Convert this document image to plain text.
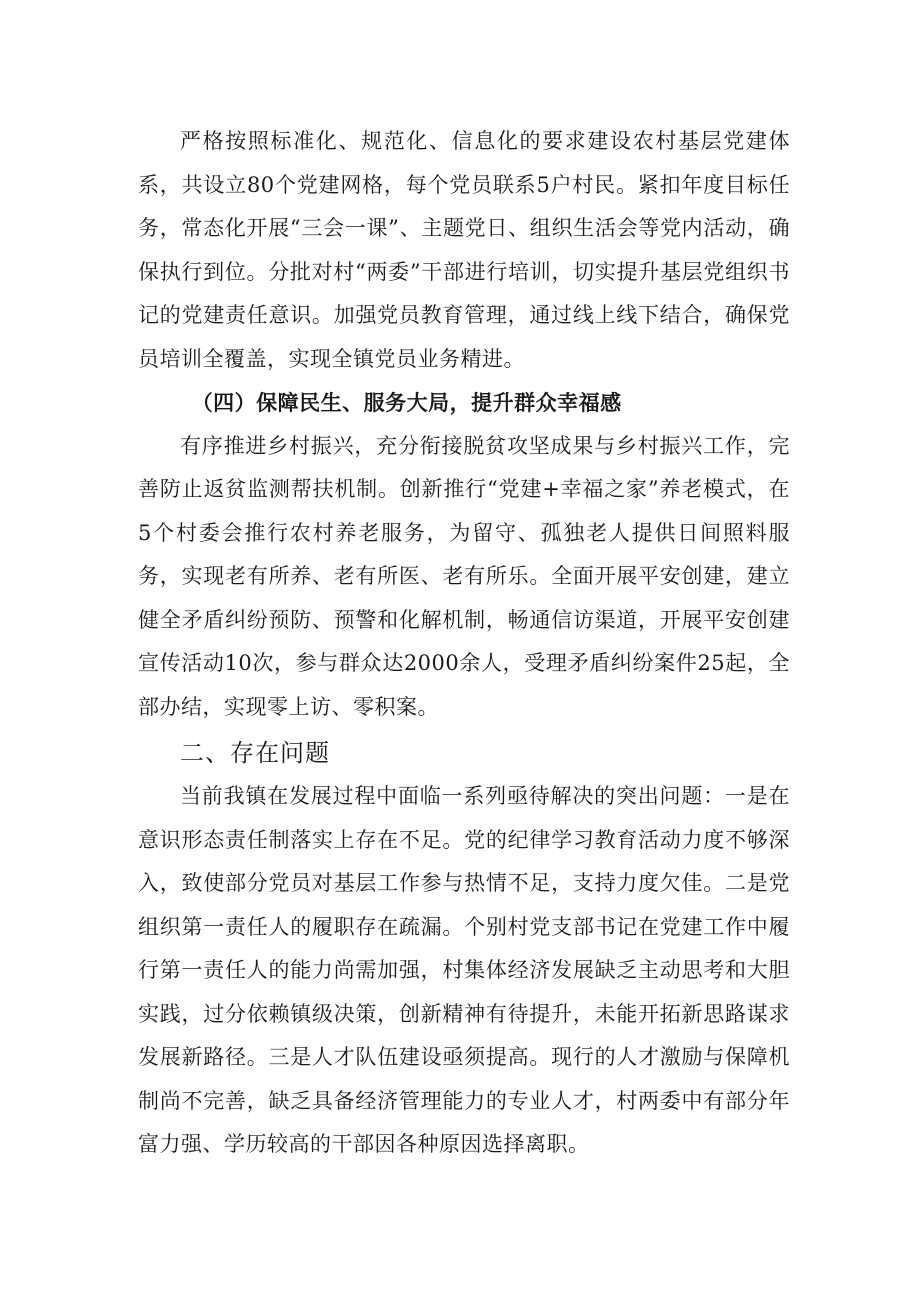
严格按照标准化、规范化、信息化的要求建设农村基层党建体系，共设立80个党建网格，每个党员联系5户村民。紧扣年度目标任务，常态化开展“三会一课”、主题党日、组织生活会等党内活动，确保执行到位。分批对村“两委”干部进行培训，切实提升基层党组织书记的党建责任意识。加强党员教育管理，通过线上线下结合，确保党员培训全覆盖，实现全镇党员业务精进。

（四）保障民生、服务大局，提升群众幸福感

有序推进乡村振兴，充分衔接脱贫攻坚成果与乡村振兴工作，完善防止返贫监测帮扶机制。创新推行“党建+幸福之家”养老模式，在5个村委会推行农村养老服务，为留守、孤独老人提供日间照料服务，实现老有所养、老有所医、老有所乐。全面开展平安创建，建立健全矛盾纠纷预防、预警和化解机制，畅通信访渠道，开展平安创建宣传活动10次，参与群众达2000余人，受理矛盾纠纷案件25起，全部办结，实现零上访、零积案。

二、存在问题

当前我镇在发展过程中面临一系列亟待解决的突出问题：一是在意识形态责任制落实上存在不足。党的纪律学习教育活动力度不够深入，致使部分党员对基层工作参与热情不足，支持力度欠佳。二是党组织第一责任人的履职存在疏漏。个别村党支部书记在党建工作中履行第一责任人的能力尚需加强，村集体经济发展缺乏主动思考和大胆实践，过分依赖镇级决策，创新精神有待提升，未能开拓新思路谋求发展新路径。三是人才队伍建设亟须提高。现行的人才激励与保障机制尚不完善，缺乏具备经济管理能力的专业人才，村两委中有部分年富力强、学历较高的干部因各种原因选择离职。
